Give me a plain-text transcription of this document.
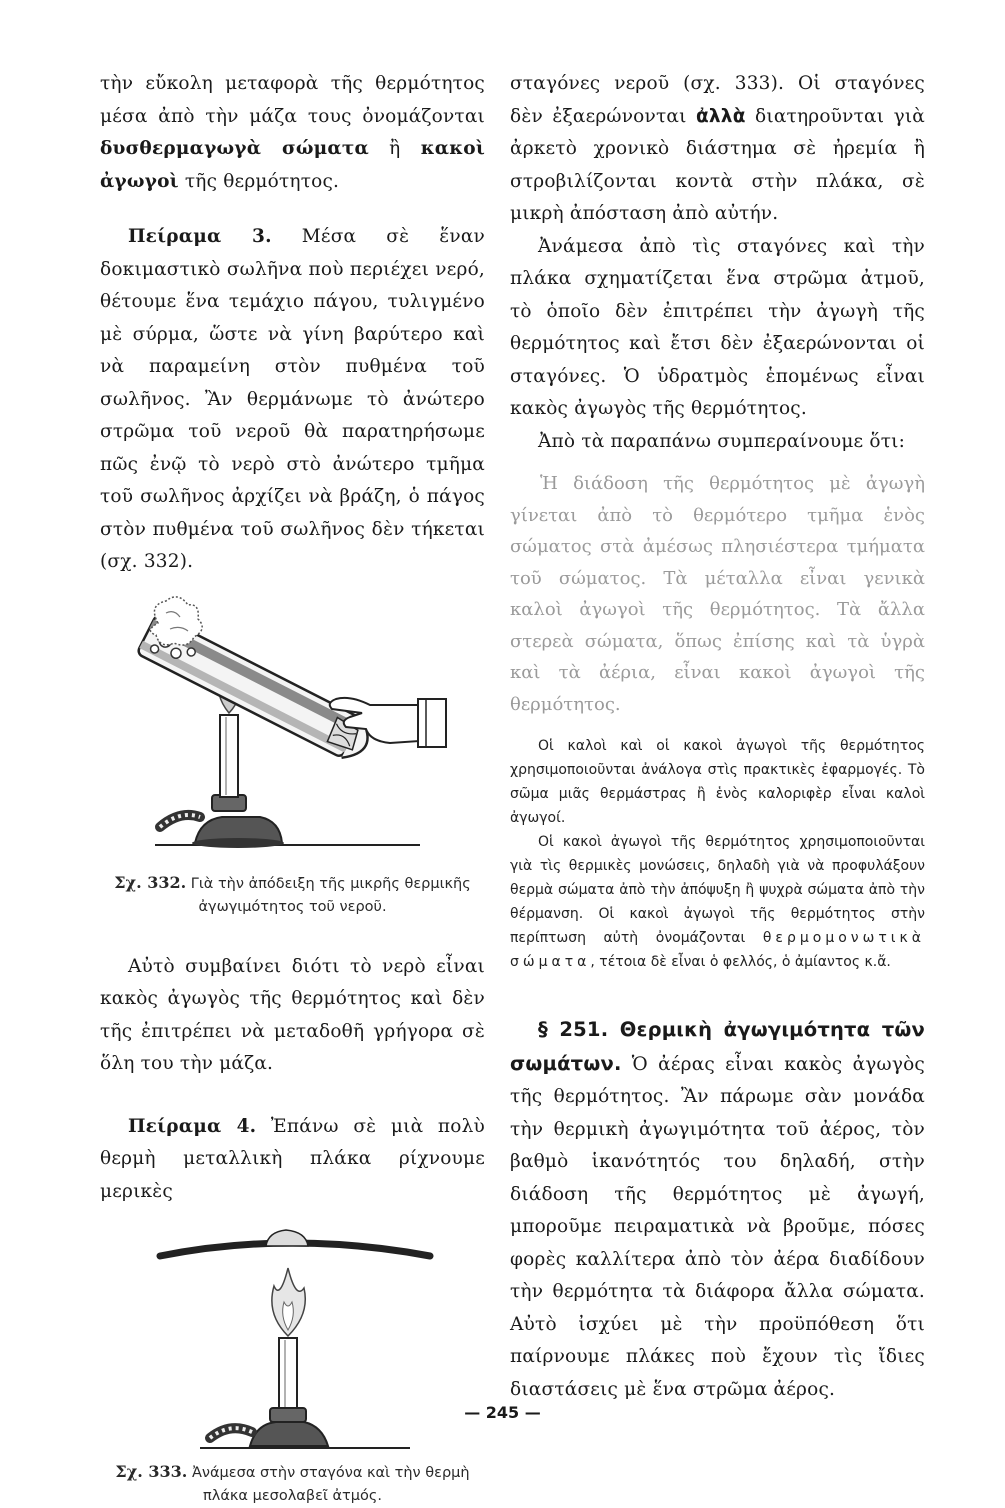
τὴν εὔκολη μεταφορὰ τῆς θερμότητος μέσα ἀπὸ τὴν μάζα τους ὀνομάζονται δυσθερμαγωγὰ σώματα ἢ κακοὶ ἀγωγοὶ τῆς θερμότητος.

Πείραμα 3. Μέσα σὲ ἕναν δοκιμαστικὸ σωλῆνα ποὺ περιέχει νερό, θέτουμε ἕνα τεμάχιο πάγου, τυλιγμένο μὲ σύρμα, ὥστε νὰ γίνη βαρύτερο καὶ νὰ παραμείνη στὸν πυθμένα τοῦ σωλῆνος. Ἂν θερμάνωμε τὸ ἀνώτερο στρῶμα τοῦ νεροῦ θὰ παρατηρήσωμε πῶς ἐνῷ τὸ νερὸ στὸ ἀνώτερο τμῆμα τοῦ σωλῆνος ἀρχίζει νὰ βράζη, ὁ πάγος στὸν πυθμένα τοῦ σωλῆνος δὲν τήκεται (σχ. 332).

Σχ. 332. Γιὰ τὴν ἀπόδειξη τῆς μικρῆς θερμικῆς ἀγωγιμότητος τοῦ νεροῦ.

Αὐτὸ συμβαίνει διότι τὸ νερὸ εἶναι κακὸς ἀγωγὸς τῆς θερμότητος καὶ δὲν τῆς ἐπιτρέπει νὰ μεταδοθῆ γρήγορα σὲ ὅλη του τὴν μάζα.

Πείραμα 4. Ἐπάνω σὲ μιὰ πολὺ θερμὴ μεταλλικὴ πλάκα ρίχνουμε μερικὲς

Σχ. 333. Ἀνάμεσα στὴν σταγόνα καὶ τὴν θερμὴ πλάκα μεσολαβεῖ ἀτμός.

σταγόνες νεροῦ (σχ. 333). Οἱ σταγόνες δὲν ἐξαερώνονται ἀλλὰ διατηροῦνται γιὰ ἀρκετὸ χρονικὸ διάστημα σὲ ἠρεμία ἢ στροβιλίζονται κοντὰ στὴν πλάκα, σὲ μικρὴ ἀπόσταση ἀπὸ αὐτήν.

Ἀνάμεσα ἀπὸ τὶς σταγόνες καὶ τὴν πλάκα σχηματίζεται ἕνα στρῶμα ἀτμοῦ, τὸ ὁποῖο δὲν ἐπιτρέπει τὴν ἀγωγὴ τῆς θερμότητος καὶ ἔτσι δὲν ἐξαερώνονται οἱ σταγόνες. Ὁ ὑδρατμὸς ἑπομένως εἶναι κακὸς ἀγωγὸς τῆς θερμότητος.

Ἀπὸ τὰ παραπάνω συμπεραίνουμε ὅτι:

Ἡ διάδοση τῆς θερμότητος μὲ ἀγωγὴ γίνεται ἀπὸ τὸ θερμότερο τμῆμα ἑνὸς σώματος στὰ ἀμέσως πλησιέστερα τμήματα τοῦ σώματος. Τὰ μέταλλα εἶναι γενικὰ καλοὶ ἀγωγοὶ τῆς θερμότητος. Τὰ ἄλλα στερεὰ σώματα, ὅπως ἐπίσης καὶ τὰ ὑγρὰ καὶ τὰ ἀέρια, εἶναι κακοὶ ἀγωγοὶ τῆς θερμότητος.

Οἱ καλοὶ καὶ οἱ κακοὶ ἀγωγοὶ τῆς θερμότητος χρησιμοποιοῦνται ἀνάλογα στὶς πρακτικὲς ἐφαρμογές. Τὸ σῶμα μιᾶς θερμάστρας ἢ ἑνὸς καλοριφὲρ εἶναι καλοὶ ἀγωγοί.

Οἱ κακοὶ ἀγωγοὶ τῆς θερμότητος χρησιμοποιοῦνται γιὰ τὶς θερμικὲς μονώσεις, δηλαδὴ γιὰ νὰ προφυλάξουν θερμὰ σώματα ἀπὸ τὴν ἀπόψυξη ἢ ψυχρὰ σώματα ἀπὸ τὴν θέρμανση. Οἱ κακοὶ ἀγωγοὶ τῆς θερμότητος στὴν περίπτωση αὐτὴ ὀνομάζονται θερμομονωτικὰ σώματα, τέτοια δὲ εἶναι ὁ φελλός, ὁ ἀμίαντος κ.ἄ.

§ 251. Θερμικὴ ἀγωγιμότητα τῶν σωμάτων. Ὁ ἀέρας εἶναι κακὸς ἀγωγὸς τῆς θερμότητος. Ἂν πάρωμε σὰν μονάδα τὴν θερμικὴ ἀγωγιμότητα τοῦ ἀέρος, τὸν βαθμὸ ἱκανότητός του δηλαδή, στὴν διάδοση τῆς θερμότητος μὲ ἀγωγή, μποροῦμε πειραματικὰ νὰ βροῦμε, πόσες φορὲς καλλίτερα ἀπὸ τὸν ἀέρα διαδίδουν τὴν θερμότητα τὰ διάφορα ἄλλα σώματα. Αὐτὸ ἰσχύει μὲ τὴν προϋπόθεση ὅτι παίρνουμε πλάκες ποὺ ἔχουν τὶς ἴδιες διαστάσεις μὲ ἕνα στρῶμα ἀέρος.

— 245 —
